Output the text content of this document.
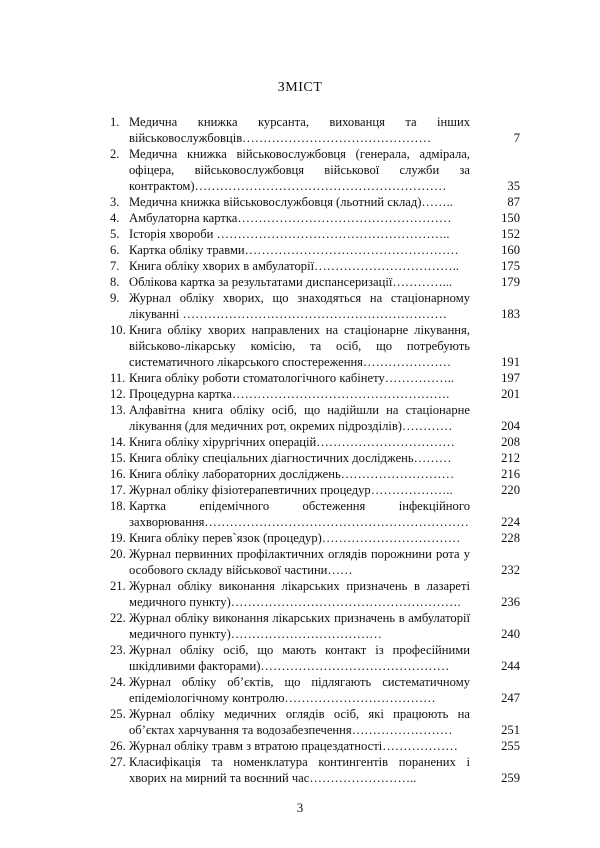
ЗМІСТ
1. Медична книжка курсанта, вихованця та інших військовослужбовців………………………………………	7
2. Медична книжка військовослужбовця (генерала, адмірала, офіцера, військовослужбовця військової служби за контрактом)……………………………………………………	35
3. Медична книжка військовослужбовця (льотний склад)……..	87
4. Амбулаторна картка……………………………………………	150
5. Історія хвороби ………………………………………………..	152
6. Картка обліку травми……………………………………………	160
7. Книга обліку хворих в амбулаторії……………………………..	175
8. Облікова картка за результатами диспансеризації…………...	179
9. Журнал обліку хворих, що знаходяться на стаціонарному лікуванні ………………………………………………………	183
10. Книга обліку хворих направлених на стаціонарне лікування, військово-лікарську комісію, та осіб, що потребують систематичного лікарського спостереження…………………	191
11. Книга обліку роботи стоматологічного кабінету……………..	197
12. Процедурна картка…………………………………………….	201
13. Алфавітна книга обліку осіб, що надійшли на стаціонарне лікування (для медичних рот, окремих підрозділів)…………	204
14. Книга обліку хірургічних операцій……………………………	208
15. Книга обліку спеціальних діагностичних досліджень………	212
16. Книга обліку лабораторних досліджень………………………	216
17. Журнал обліку фізіотерапевтичних процедур………………..	220
18. Картка епідемічного обстеження інфекційного захворювання………………………………………………………	224
19. Книга обліку перев`язок (процедур)……………………………	228
20. Журнал первинних профілактичних оглядів порожнини рота у особового складу військової частини……	232
21. Журнал обліку виконання лікарських призначень в лазареті медичного пункту)……………………………………………….	236
22. Журнал обліку виконання лікарських призначень в амбулаторії медичного пункту)………………………………	240
23. Журнал обліку осіб, що мають контакт із професійними шкідливими факторами)………………………………………	244
24. Журнал обліку об’єктів, що підлягають систематичному епідеміологічному контролю………………………………	247
25. Журнал обліку медичних оглядів осіб, які працюють на об’єктах харчування та водозабезпечення……………………	251
26. Журнал обліку травм з втратою працездатності………………	255
27. Класифікація та номенклатура контингентів поранених і хворих на мирний та воєнний час……………………..	259
3
